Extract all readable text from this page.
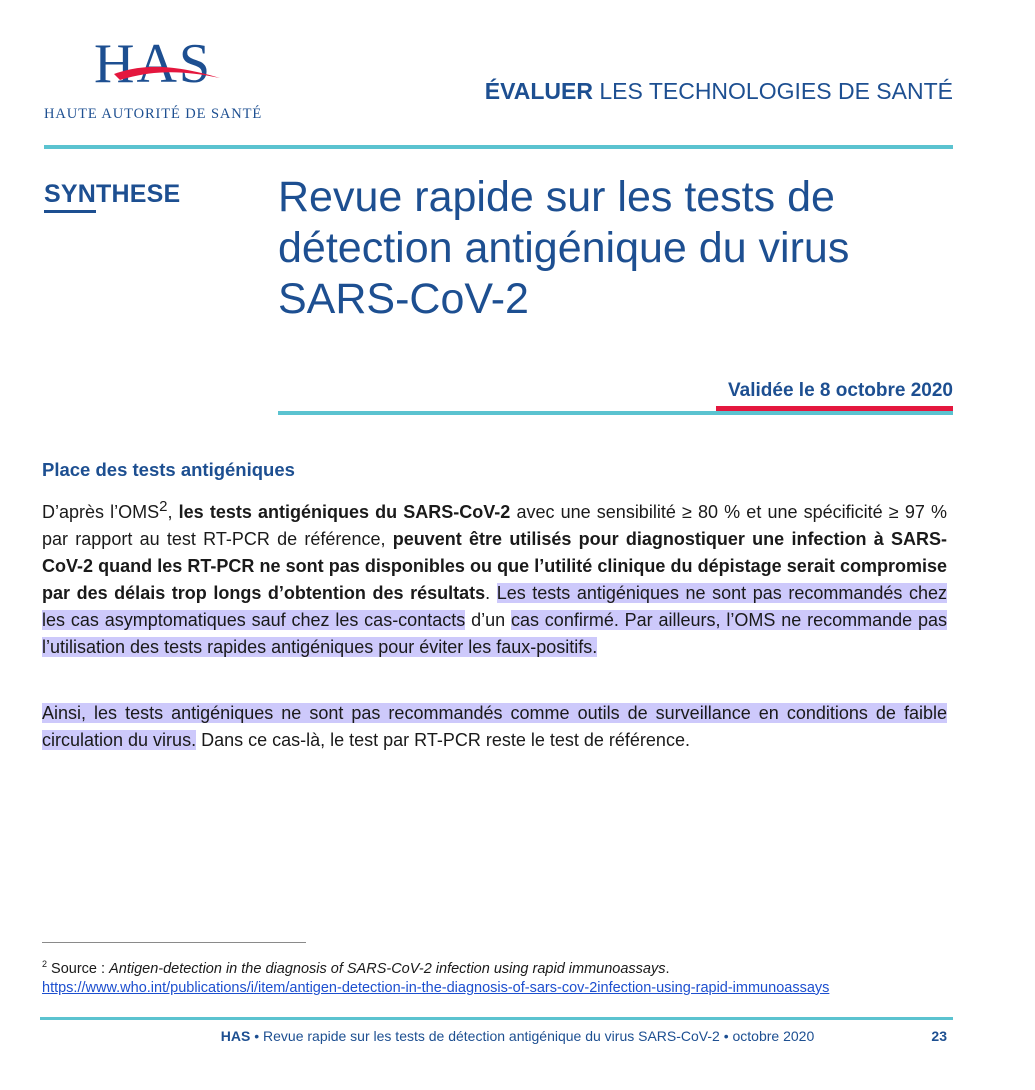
HAS
HAUTE AUTORITÉ DE SANTÉ
ÉVALUER LES TECHNOLOGIES DE SANTÉ
SYNTHESE Revue rapide sur les tests de détection antigénique du virus SARS-CoV-2
Validée le 8 octobre 2020
Place des tests antigéniques
D’après l’OMS$^2$, les tests antigéniques du SARS-CoV-2 avec une sensibilité ≥ 80 % et une spécificité ≥ 97 % par rapport au test RT-PCR de référence, peuvent être utilisés pour diagnostiquer une infection à SARS-CoV-2 quand les RT-PCR ne sont pas disponibles ou que l’utilité clinique du dépistage serait compromise par des délais trop longs d’obtention des résultats. Les tests antigéniques ne sont pas recommandés chez les cas asymptomatiques sauf chez les cas-contacts d’un cas confirmé. Par ailleurs, l’OMS ne recommande pas l’utilisation des tests rapides antigéniques pour éviter les faux-positifs.
Ainsi, les tests antigéniques ne sont pas recommandés comme outils de surveillance en conditions de faible circulation du virus. Dans ce cas-là, le test par RT-PCR reste le test de référence.
$^2$ Source : Antigen-detection in the diagnosis of SARS-CoV-2 infection using rapid immunoassays.
https://www.who.int/publications/i/item/antigen-detection-in-the-diagnosis-of-sars-cov-2infection-using-rapid-immunoassays
HAS • Revue rapide sur les tests de détection antigénique du virus SARS-CoV-2 • octobre 2020	23
